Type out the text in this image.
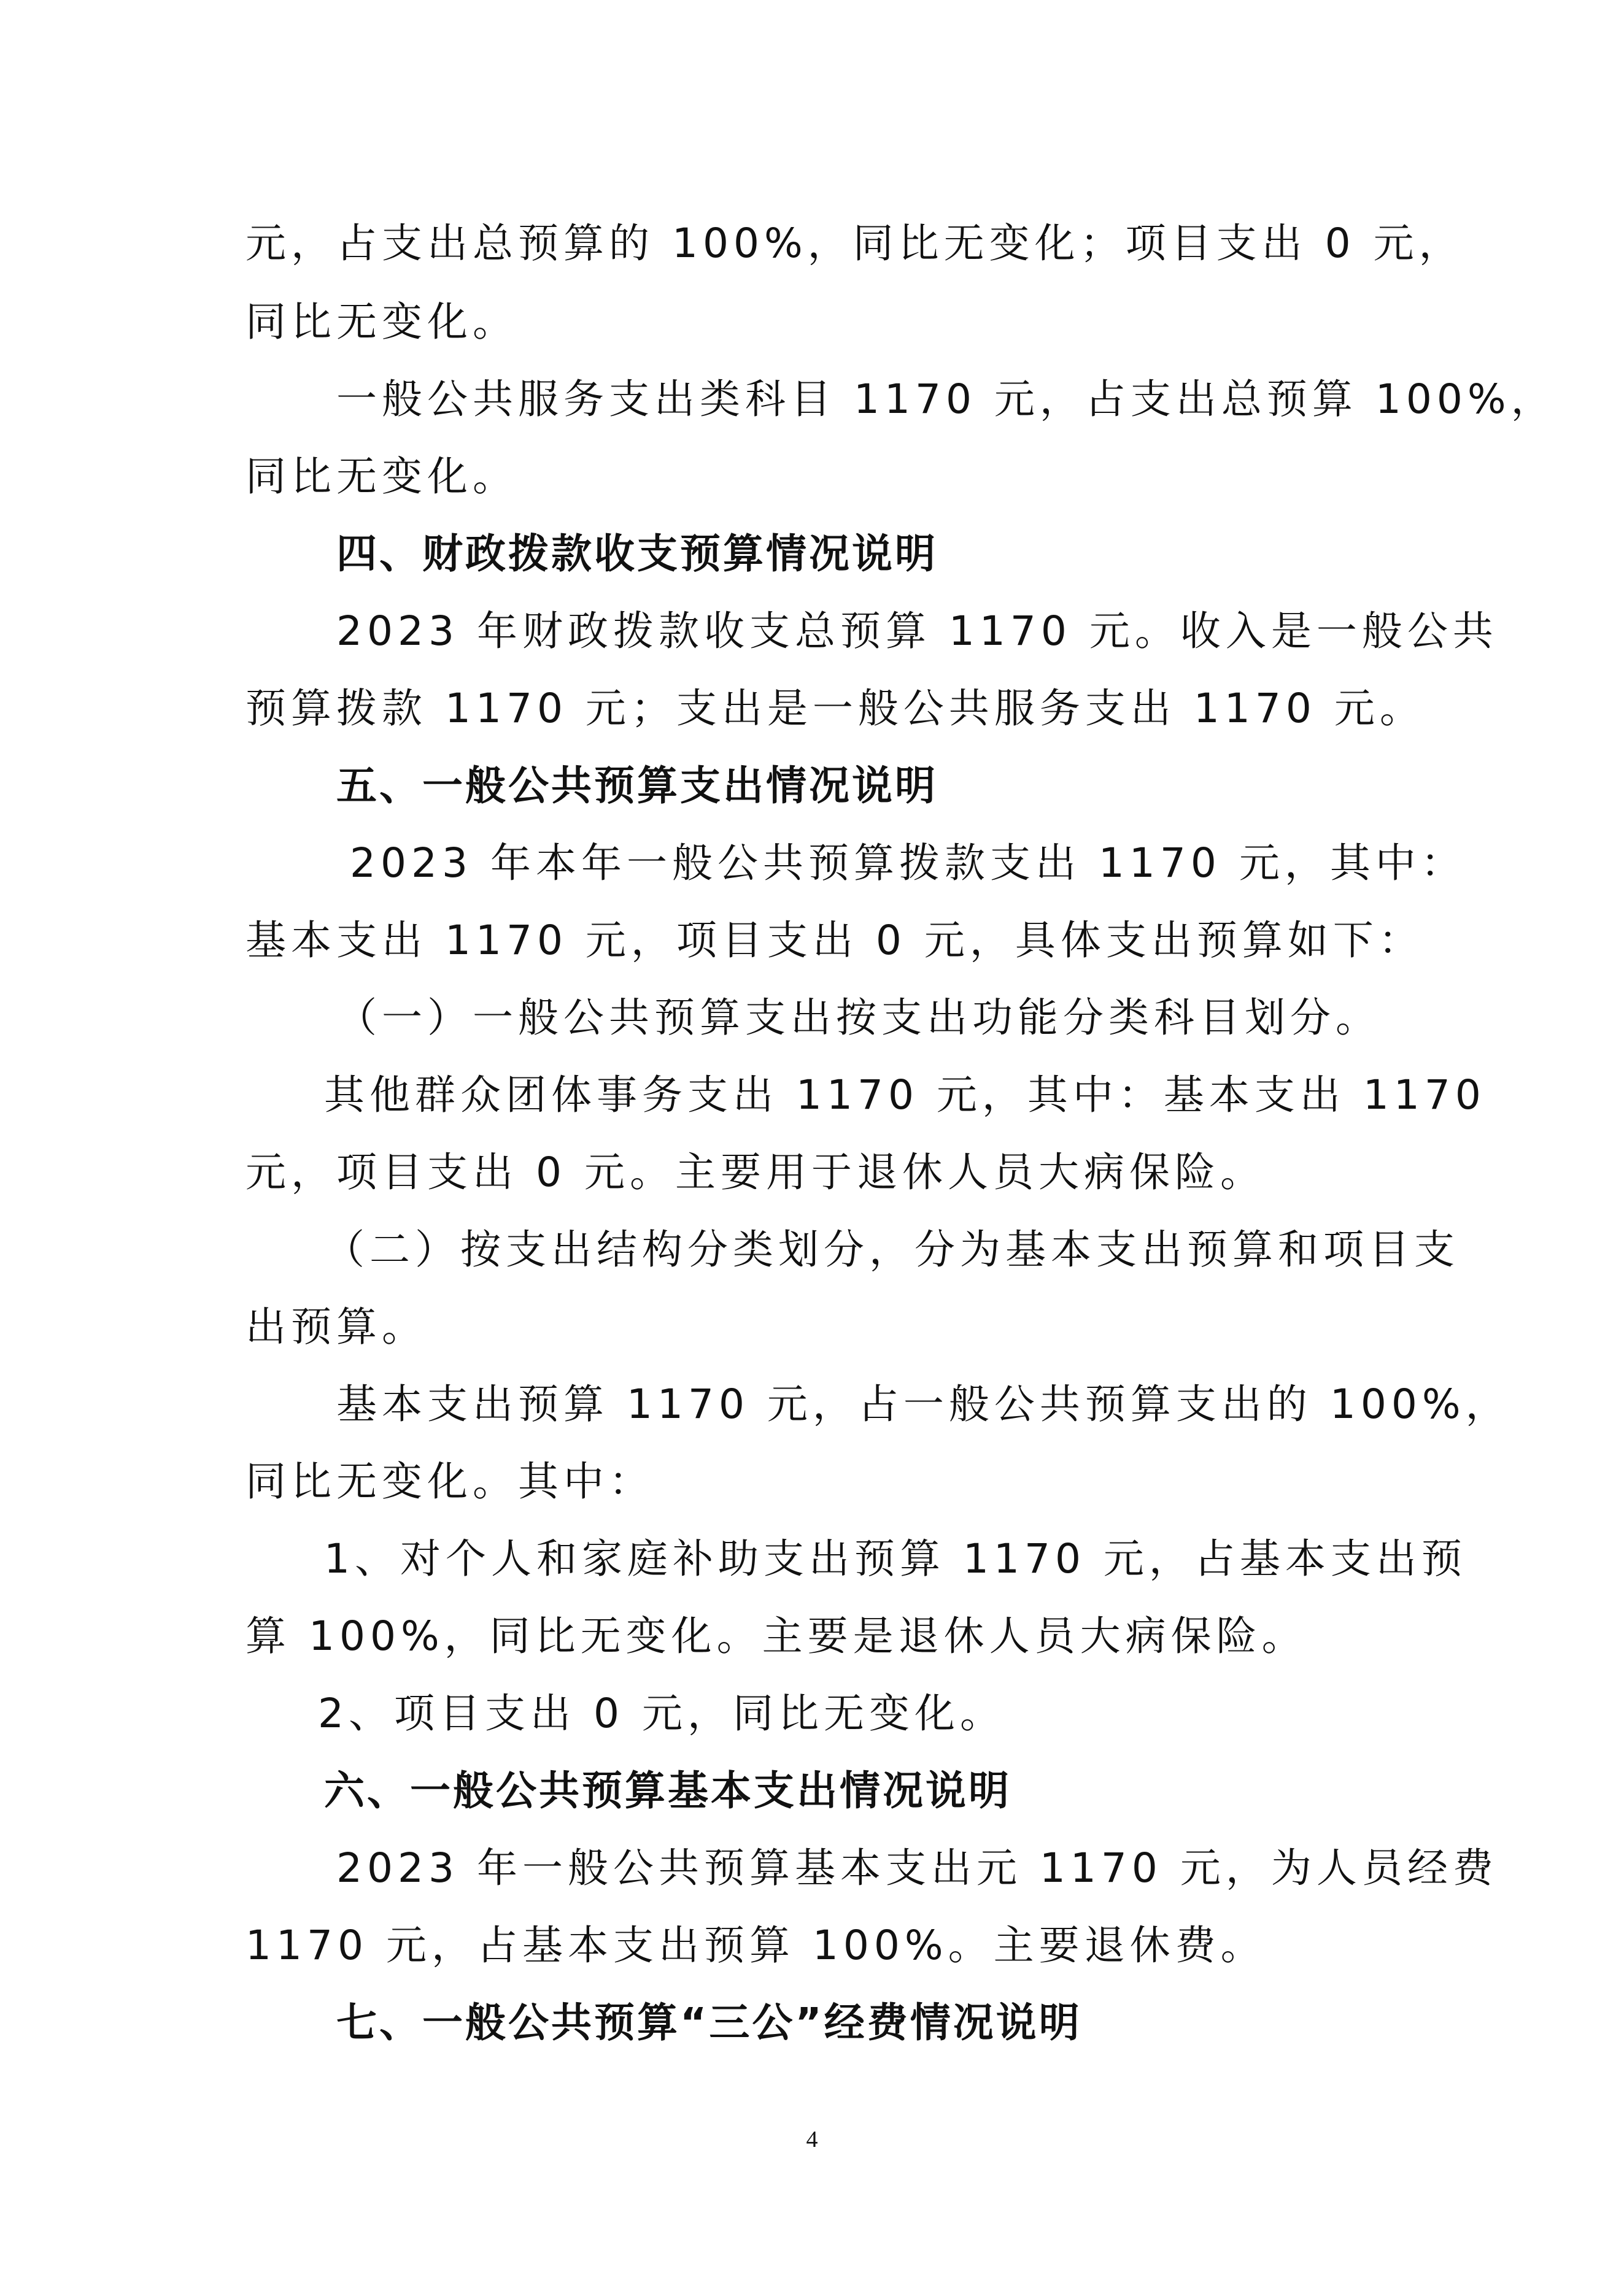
元，占支出总预算的 100%，同比无变化；项目支出 0 元，
同比无变化。
一般公共服务支出类科目 1170 元，占支出总预算 100%，
同比无变化。
四、财政拨款收支预算情况说明
2023 年财政拨款收支总预算 1170 元。收入是一般公共
预算拨款 1170 元；支出是一般公共服务支出 1170 元。
五、一般公共预算支出情况说明
2023 年本年一般公共预算拨款支出 1170 元，其中：
基本支出 1170 元，项目支出 0 元，具体支出预算如下：
（一）一般公共预算支出按支出功能分类科目划分。
其他群众团体事务支出 1170 元，其中：基本支出 1170
元，项目支出 0 元。主要用于退休人员大病保险。
（二）按支出结构分类划分，分为基本支出预算和项目支
出预算。
基本支出预算 1170 元，占一般公共预算支出的 100%，
同比无变化。其中：
1、对个人和家庭补助支出预算 1170 元，占基本支出预
算 100%，同比无变化。主要是退休人员大病保险。
2、项目支出 0 元，同比无变化。
六、一般公共预算基本支出情况说明
2023 年一般公共预算基本支出元 1170 元，为人员经费
1170 元，占基本支出预算 100%。主要退休费。
七、一般公共预算“三公”经费情况说明
4
